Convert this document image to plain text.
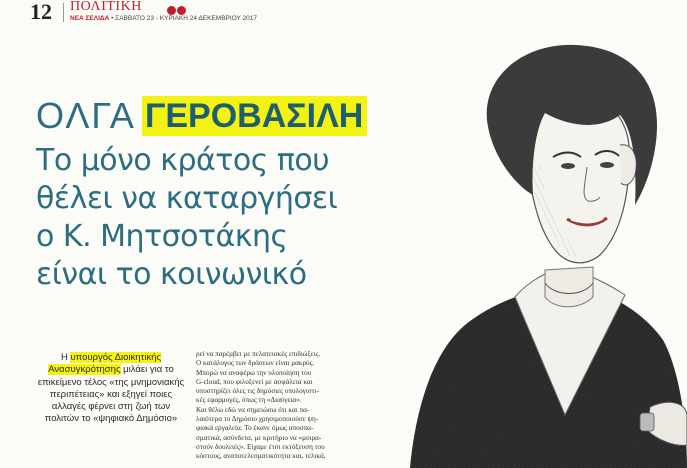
12 ΠΟΛΙΤΙΚΗ
ΝΕΑ ΣΕΛΙΔΑ • ΣΑΒΒΑΤΟ 23 - ΚΥΡΙΑΚΗ 24 ΔΕΚΕΜΒΡΙΟΥ 2017
ΟΛΓΑ ΓΕΡΟΒΑΣΙΛΗ
Το μόνο κράτος που
θέλει να καταργήσει
ο Κ. Μητσοτάκης
είναι το κοινωνικό
Η υπουργός Διοικητικής Ανασυγκρότησης μιλάει για το επικείμενο τέλος «της μνημονιακής περιπέτειας» και εξηγεί ποιες αλλαγές φέρνει στη ζωή των πολιτών το «ψηφιακό Δημόσιο»

ρεί να παρέμβει με πελατειακές επιδιώξεις.

Ο κατάλογος των δράσεων είναι μακρύς.

Μπορώ να αναφέρω την υλοποίηση του

G-cloud, που φιλοξενεί με ασφάλεια και

υποστηρίζει όλες τις δημόσιες υπολογιστι-

κές εφαρμογές, όπως τη «Διαύγεια».

Και θέλω εδώ να σημειώσω ότι και πα-

λαιότερα το Δημόσιο χρησιμοποιούσε ψη-

φιακά εργαλεία. Το έκανε όμως αποσπα-

σματικά, ασύνδετα, με κριτήριο να «μοιρα-

στούν δουλειές». Είχαμε έτσι εκτόξευση του

κόστους, αναποτελεσματικότητα και, τελικά,
